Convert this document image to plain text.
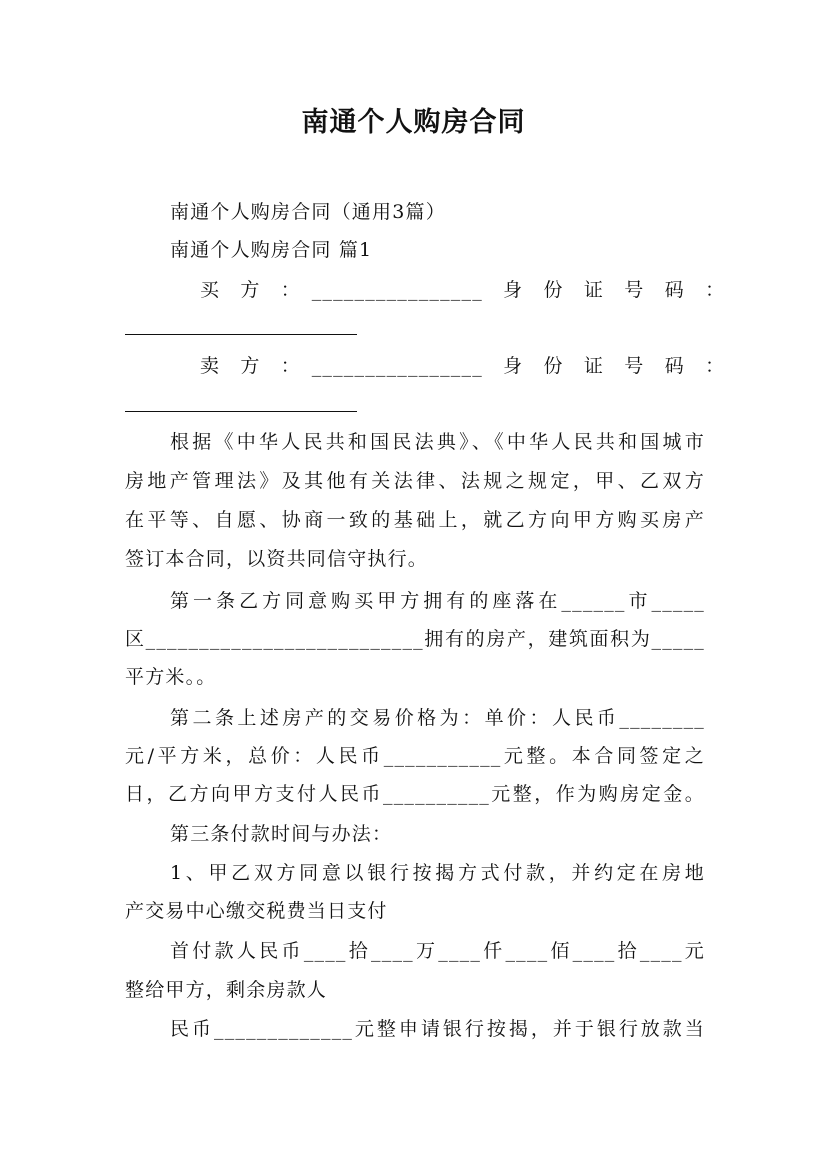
南通个人购房合同
南通个人购房合同（通用3篇）
南通个人购房合同 篇1
买　方　：　________________　身　份　证　号　码　：
卖　方　：　________________　身　份　证　号　码　：
根据《中华人民共和国民法典》、《中华人民共和国城市
房地产管理法》及其他有关法律、法规之规定，甲、乙双方
在平等、自愿、协商一致的基础上，就乙方向甲方购买房产
签订本合同，以资共同信守执行。
第一条乙方同意购买甲方拥有的座落在______市_____
区__________________________拥有的房产，建筑面积为_____
平方米。。
第二条上述房产的交易价格为：单价：人民币________
元/平方米，总价：人民币___________元整。本合同签定之
日，乙方向甲方支付人民币__________元整，作为购房定金。
第三条付款时间与办法：
1、甲乙双方同意以银行按揭方式付款，并约定在房地
产交易中心缴交税费当日支付
首付款人民币____拾____万____仟____佰____拾____元
整给甲方，剩余房款人
民币_____________元整申请银行按揭，并于银行放款当
